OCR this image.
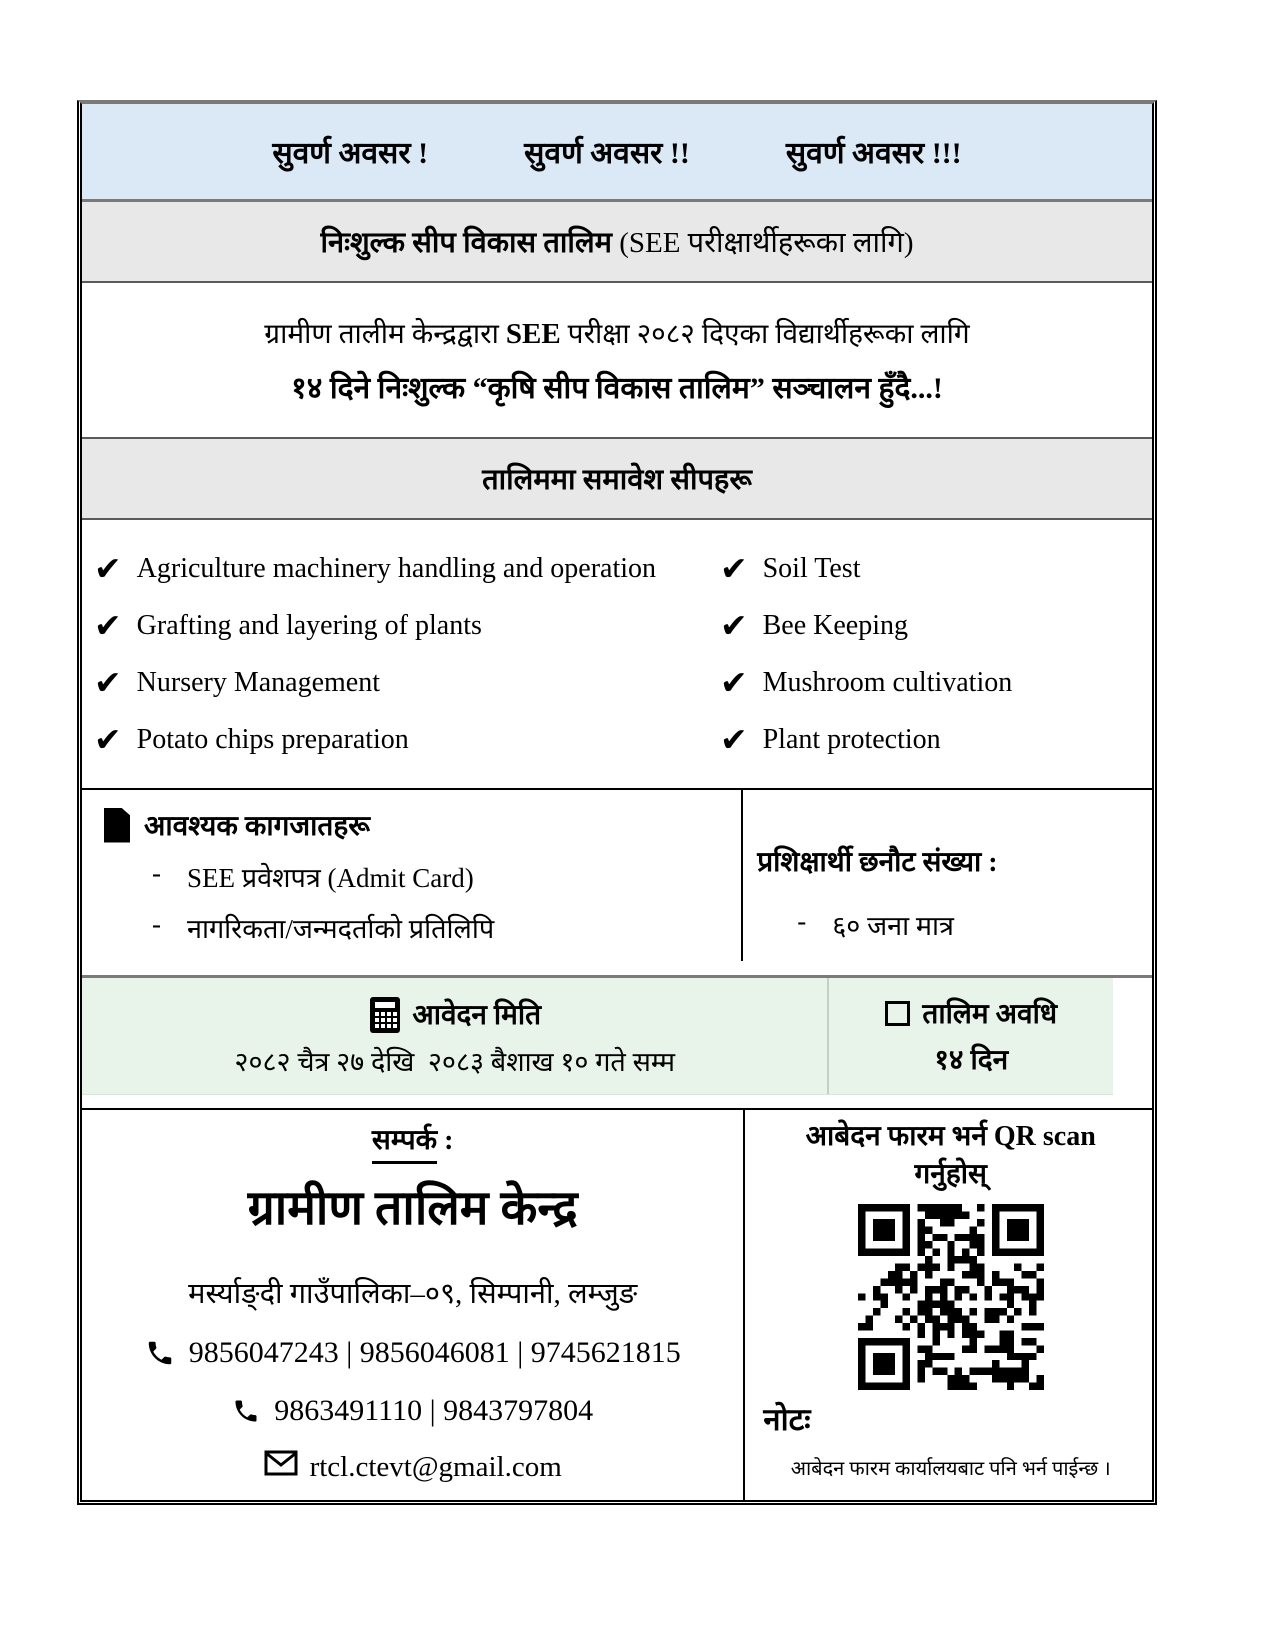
सुवर्ण अवसर !	सुवर्ण अवसर !!	सुवर्ण अवसर !!!
निःशुल्क सीप विकास तालिम (SEE परीक्षार्थीहरूका लागि)
ग्रामीण तालीम केन्द्रद्वारा SEE परीक्षा २०८२ दिएका विद्यार्थीहरूका लागि
१४ दिने निःशुल्क “कृषि सीप विकास तालिम” सञ्चालन हुँदै...!
तालिममा समावेश सीपहरू
✔ Agriculture machinery handling and operation ✔ Soil Test
✔ Grafting and layering of plants	✔ Bee Keeping
✔ Nursery Management	✔ Mushroom cultivation
✔ Potato chips preparation	✔ Plant protection
आवश्यक कागजातहरू
- SEE प्रवेशपत्र (Admit Card)
- नागरिकता/जन्मदर्ताको प्रतिलिपि
प्रशिक्षार्थी छनौट संख्या :
- ६० जना मात्र
आवेदन मिति
२०८२ चैत्र २७ देखि  २०८३ बैशाख १० गते सम्म
तालिम अवधि
१४ दिन
सम्पर्क :
ग्रामीण तालिम केन्द्र
मर्स्याङ्दी गाउँपालिका–०९, सिम्पानी, लम्जुङ
9856047243 | 9856046081 | 9745621815
9863491110 | 9843797804
rtcl.ctevt@gmail.com
आबेदन फारम भर्न QR scan
गर्नुहोस्
नोटः
आबेदन फारम कार्यालयबाट पनि भर्न पाईन्छ ।
